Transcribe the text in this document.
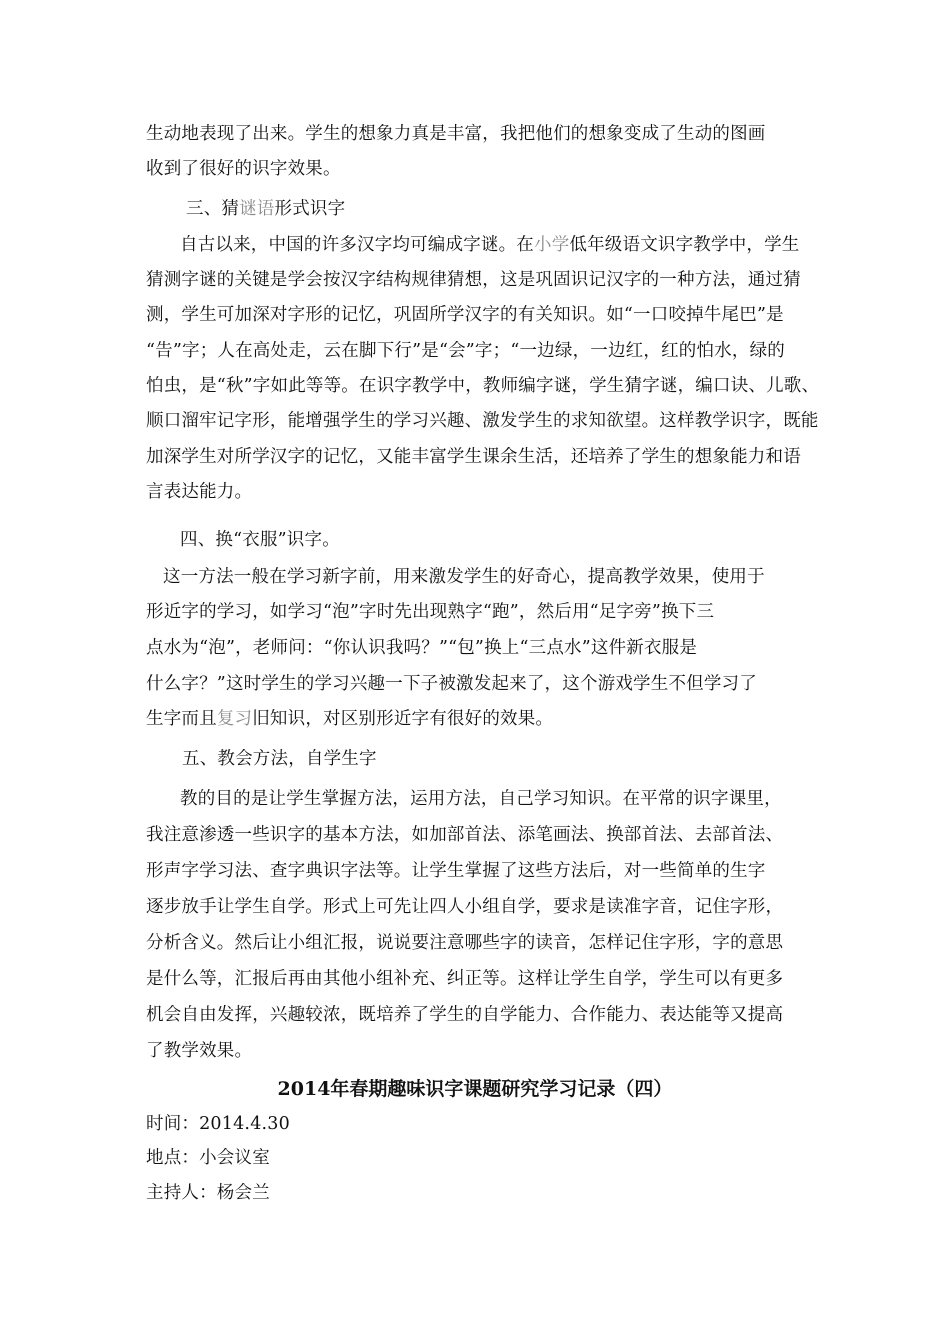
生动地表现了出来。学生的想象力真是丰富，我把他们的想象变成了生动的图画
收到了很好的识字效果。
三、猜谜语形式识字
自古以来，中国的许多汉字均可编成字谜。在小学低年级语文识字教学中，学生
猜测字谜的关键是学会按汉字结构规律猜想，这是巩固识记汉字的一种方法，通过猜
测，学生可加深对字形的记忆，巩固所学汉字的有关知识。如“一口咬掉牛尾巴”是
“告”字；人在高处走，云在脚下行”是“会”字；“一边绿，一边红，红的怕水，绿的
怕虫，是“秋”字如此等等。在识字教学中，教师编字谜，学生猜字谜，编口诀、儿歌、
顺口溜牢记字形，能增强学生的学习兴趣、激发学生的求知欲望。这样教学识字，既能
加深学生对所学汉字的记忆，又能丰富学生课余生活，还培养了学生的想象能力和语
言表达能力。
四、换“衣服”识字。
这一方法一般在学习新字前，用来激发学生的好奇心，提高教学效果，使用于
形近字的学习，如学习“泡”字时先出现熟字“跑”，然后用“足字旁”换下三
点水为“泡”，老师问：“你认识我吗？”“包”换上“三点水”这件新衣服是
什么字？”这时学生的学习兴趣一下子被激发起来了，这个游戏学生不但学习了
生字而且复习旧知识，对区别形近字有很好的效果。
五、教会方法，自学生字
教的目的是让学生掌握方法，运用方法，自己学习知识。在平常的识字课里，
我注意渗透一些识字的基本方法，如加部首法、添笔画法、换部首法、去部首法、
形声字学习法、查字典识字法等。让学生掌握了这些方法后，对一些简单的生字
逐步放手让学生自学。形式上可先让四人小组自学，要求是读准字音，记住字形，
分析含义。然后让小组汇报，说说要注意哪些字的读音，怎样记住字形，字的意思
是什么等，汇报后再由其他小组补充、纠正等。这样让学生自学，学生可以有更多
机会自由发挥，兴趣较浓，既培养了学生的自学能力、合作能力、表达能等又提高
了教学效果。
2014年春期趣味识字课题研究学习记录（四）
时间：2014.4.30
地点：小会议室
主持人：杨会兰
